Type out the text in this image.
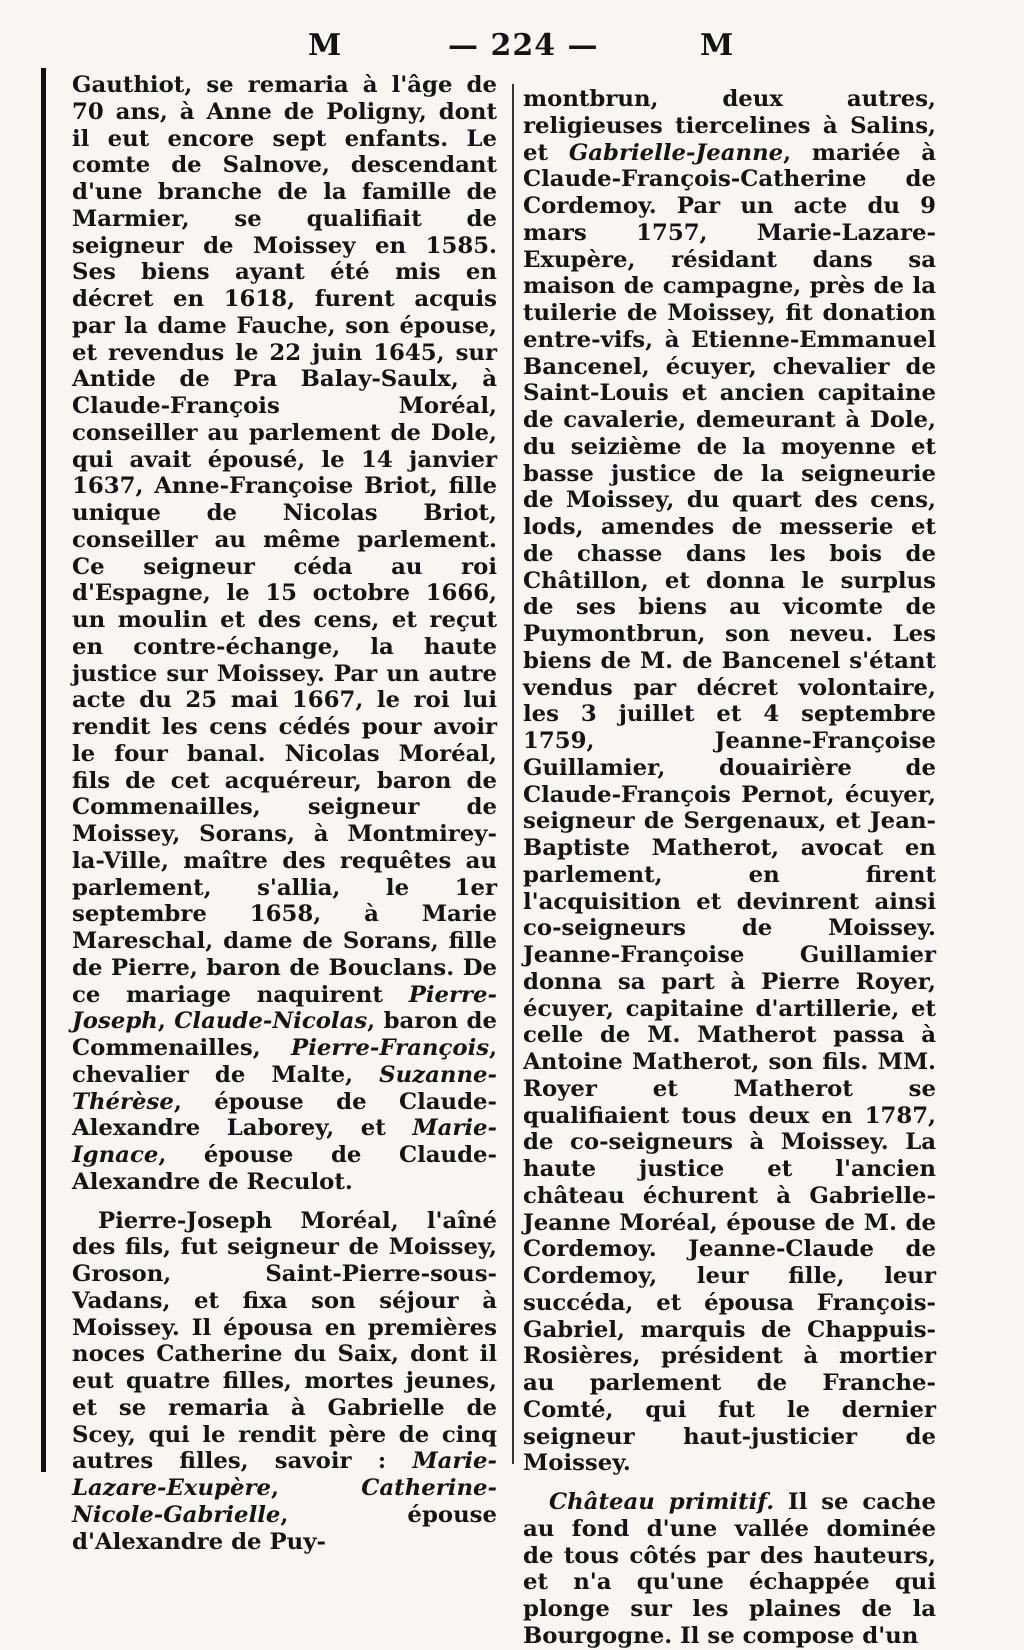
M	— 224 —	M

Gauthiot, se remaria à l'âge de 70 ans, à Anne de Poligny, dont il eut encore sept enfants. Le comte de Salnove, descendant d'une branche de la famille de Marmier, se qualifiait de seigneur de Moissey en 1585. Ses biens ayant été mis en décret en 1618, furent acquis par la dame Fauche, son épouse, et revendus le 22 juin 1645, sur Antide de Pra Balay-Saulx, à Claude-François Moréal, conseiller au parlement de Dole, qui avait épousé, le 14 janvier 1637, Anne-Françoise Briot, fille unique de Nicolas Briot, conseiller au même parlement. Ce seigneur céda au roi d'Espagne, le 15 octobre 1666, un moulin et des cens, et reçut en contre-échange, la haute justice sur Moissey. Par un autre acte du 25 mai 1667, le roi lui rendit les cens cédés pour avoir le four banal. Nicolas Moréal, fils de cet acquéreur, baron de Commenailles, seigneur de Moissey, Sorans, à Montmirey-la-Ville, maître des requêtes au parlement, s'allia, le 1er septembre 1658, à Marie Mareschal, dame de Sorans, fille de Pierre, baron de Bouclans. De ce mariage naquirent Pierre-Joseph, Claude-Nicolas, baron de Commenailles, Pierre-François, chevalier de Malte, Suzanne-Thérèse, épouse de Claude-Alexandre Laborey, et Marie-Ignace, épouse de Claude-Alexandre de Reculot.

Pierre-Joseph Moréal, l'aîné des fils, fut seigneur de Moissey, Groson, Saint-Pierre-sous-Vadans, et fixa son séjour à Moissey. Il épousa en premières noces Catherine du Saix, dont il eut quatre filles, mortes jeunes, et se remaria à Gabrielle de Scey, qui le rendit père de cinq autres filles, savoir : Marie-Lazare-Exupère, Catherine-Nicole-Gabrielle, épouse d'Alexandre de Puy-

montbrun, deux autres, religieuses tiercelines à Salins, et Gabrielle-Jeanne, mariée à Claude-François-Catherine de Cordemoy. Par un acte du 9 mars 1757, Marie-Lazare-Exupère, résidant dans sa maison de campagne, près de la tuilerie de Moissey, fit donation entre-vifs, à Etienne-Emmanuel Bancenel, écuyer, chevalier de Saint-Louis et ancien capitaine de cavalerie, demeurant à Dole, du seizième de la moyenne et basse justice de la seigneurie de Moissey, du quart des cens, lods, amendes de messerie et de chasse dans les bois de Châtillon, et donna le surplus de ses biens au vicomte de Puymontbrun, son neveu. Les biens de M. de Bancenel s'étant vendus par décret volontaire, les 3 juillet et 4 septembre 1759, Jeanne-Françoise Guillamier, douairière de Claude-François Pernot, écuyer, seigneur de Sergenaux, et Jean-Baptiste Matherot, avocat en parlement, en firent l'acquisition et devinrent ainsi co-seigneurs de Moissey. Jeanne-Françoise Guillamier donna sa part à Pierre Royer, écuyer, capitaine d'artillerie, et celle de M. Matherot passa à Antoine Matherot, son fils. MM. Royer et Matherot se qualifiaient tous deux en 1787, de co-seigneurs à Moissey. La haute justice et l'ancien château échurent à Gabrielle-Jeanne Moréal, épouse de M. de Cordemoy. Jeanne-Claude de Cordemoy, leur fille, leur succéda, et épousa François-Gabriel, marquis de Chappuis-Rosières, président à mortier au parlement de Franche-Comté, qui fut le dernier seigneur haut-justicier de Moissey.

Château primitif. Il se cache au fond d'une vallée dominée de tous côtés par des hauteurs, et n'a qu'une échappée qui plonge sur les plaines de la Bourgogne. Il se compose d'un
